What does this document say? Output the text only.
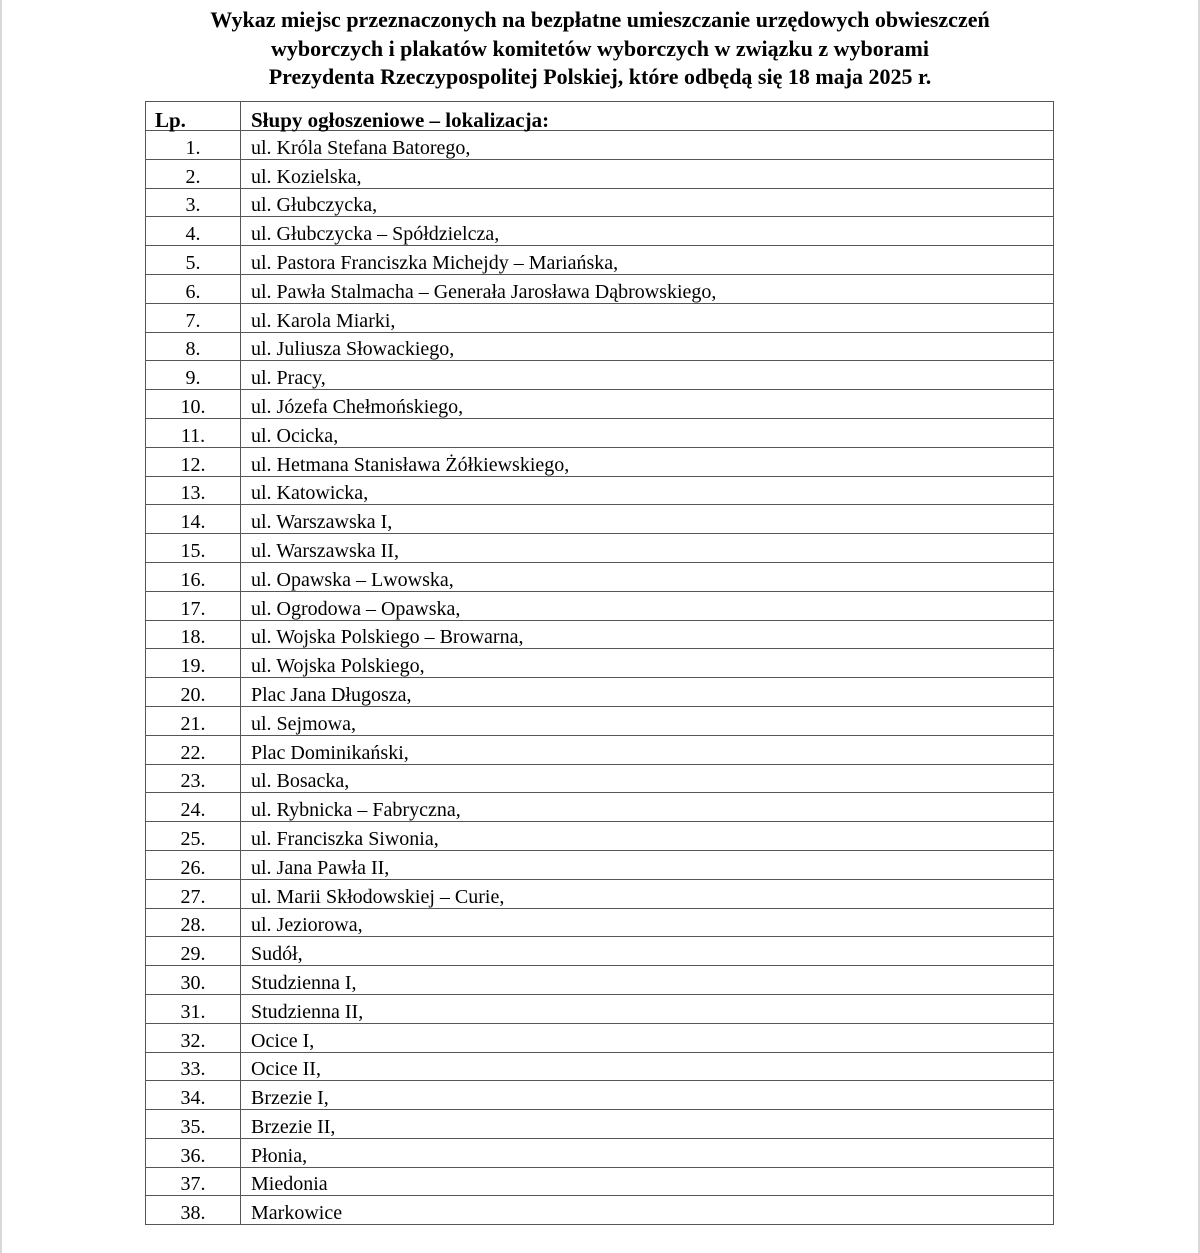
Wykaz miejsc przeznaczonych na bezpłatne umieszczanie urzędowych obwieszczeń
wyborczych i plakatów komitetów wyborczych w związku z wyborami
Prezydenta Rzeczypospolitej Polskiej, które odbędą się 18 maja 2025 r.
Lp.	Słupy ogłoszeniowe – lokalizacja:
1.	ul. Króla Stefana Batorego,
2.	ul. Kozielska,
3.	ul. Głubczycka,
4.	ul. Głubczycka – Spółdzielcza,
5.	ul. Pastora Franciszka Michejdy – Mariańska,
6.	ul. Pawła Stalmacha – Generała Jarosława Dąbrowskiego,
7.	ul. Karola Miarki,
8.	ul. Juliusza Słowackiego,
9.	ul. Pracy,
10.	ul. Józefa Chełmońskiego,
11.	ul. Ocicka,
12.	ul. Hetmana Stanisława Żółkiewskiego,
13.	ul. Katowicka,
14.	ul. Warszawska I,
15.	ul. Warszawska II,
16.	ul. Opawska – Lwowska,
17.	ul. Ogrodowa – Opawska,
18.	ul. Wojska Polskiego – Browarna,
19.	ul. Wojska Polskiego,
20.	Plac Jana Długosza,
21.	ul. Sejmowa,
22.	Plac Dominikański,
23.	ul. Bosacka,
24.	ul. Rybnicka – Fabryczna,
25.	ul. Franciszka Siwonia,
26.	ul. Jana Pawła II,
27.	ul. Marii Skłodowskiej – Curie,
28.	ul. Jeziorowa,
29.	Sudół,
30.	Studzienna I,
31.	Studzienna II,
32.	Ocice I,
33.	Ocice II,
34.	Brzezie I,
35.	Brzezie II,
36.	Płonia,
37.	Miedonia
38.	Markowice
